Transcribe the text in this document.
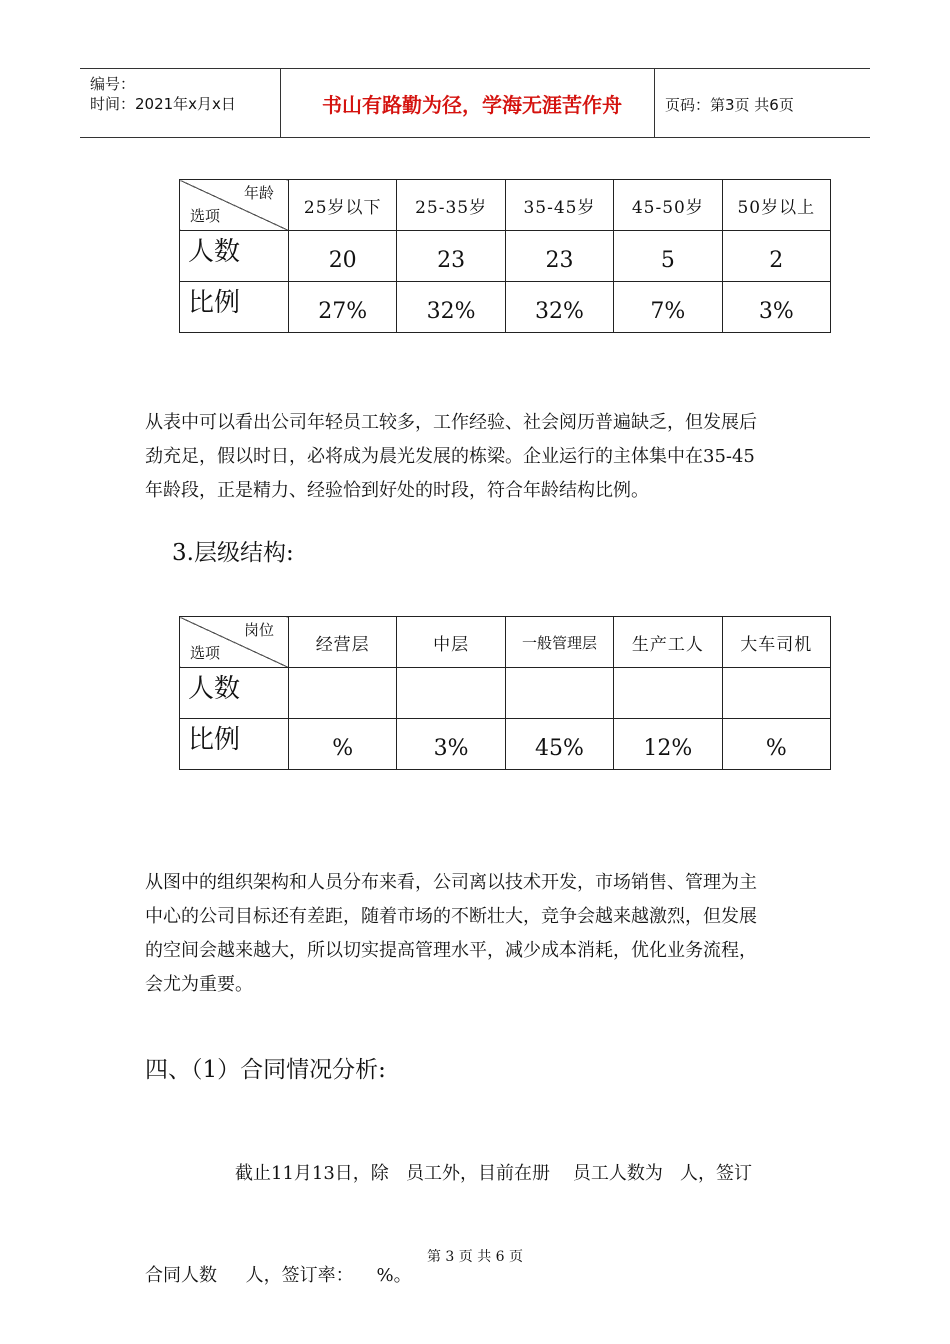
编号：
时间：2021年x月x日	书山有路勤为径，学海无涯苦作舟	页码：第3页 共6页
年龄
选项	25岁以下	25-35岁	35-45岁	45-50岁	50岁以上
人数	20	23	23	5	2
比例	27%	32%	32%	7%	3%
从表中可以看出公司年轻员工较多，工作经验、社会阅历普遍缺乏，但发展后
劲充足，假以时日，必将成为晨光发展的栋梁。企业运行的主体集中在35-45
年龄段，正是精力、经验恰到好处的时段，符合年龄结构比例。
3.层级结构:
岗位
选项	经营层	中层	一般管理层	生产工人	大车司机
人数					
比例	%	3%	45%	12%	%
从图中的组织架构和人员分布来看，公司离以技术开发，市场销售、管理为主
中心的公司目标还有差距，随着市场的不断壮大，竞争会越来越激烈，但发展
的空间会越来越大，所以切实提高管理水平，减少成本消耗，优化业务流程，
会尤为重要。
四、（1）合同情况分析:

截止11月13日，除   员工外，目前在册    员工人数为   人，签订

合同人数     人，签订率：    %。

第 3 页 共 6 页
